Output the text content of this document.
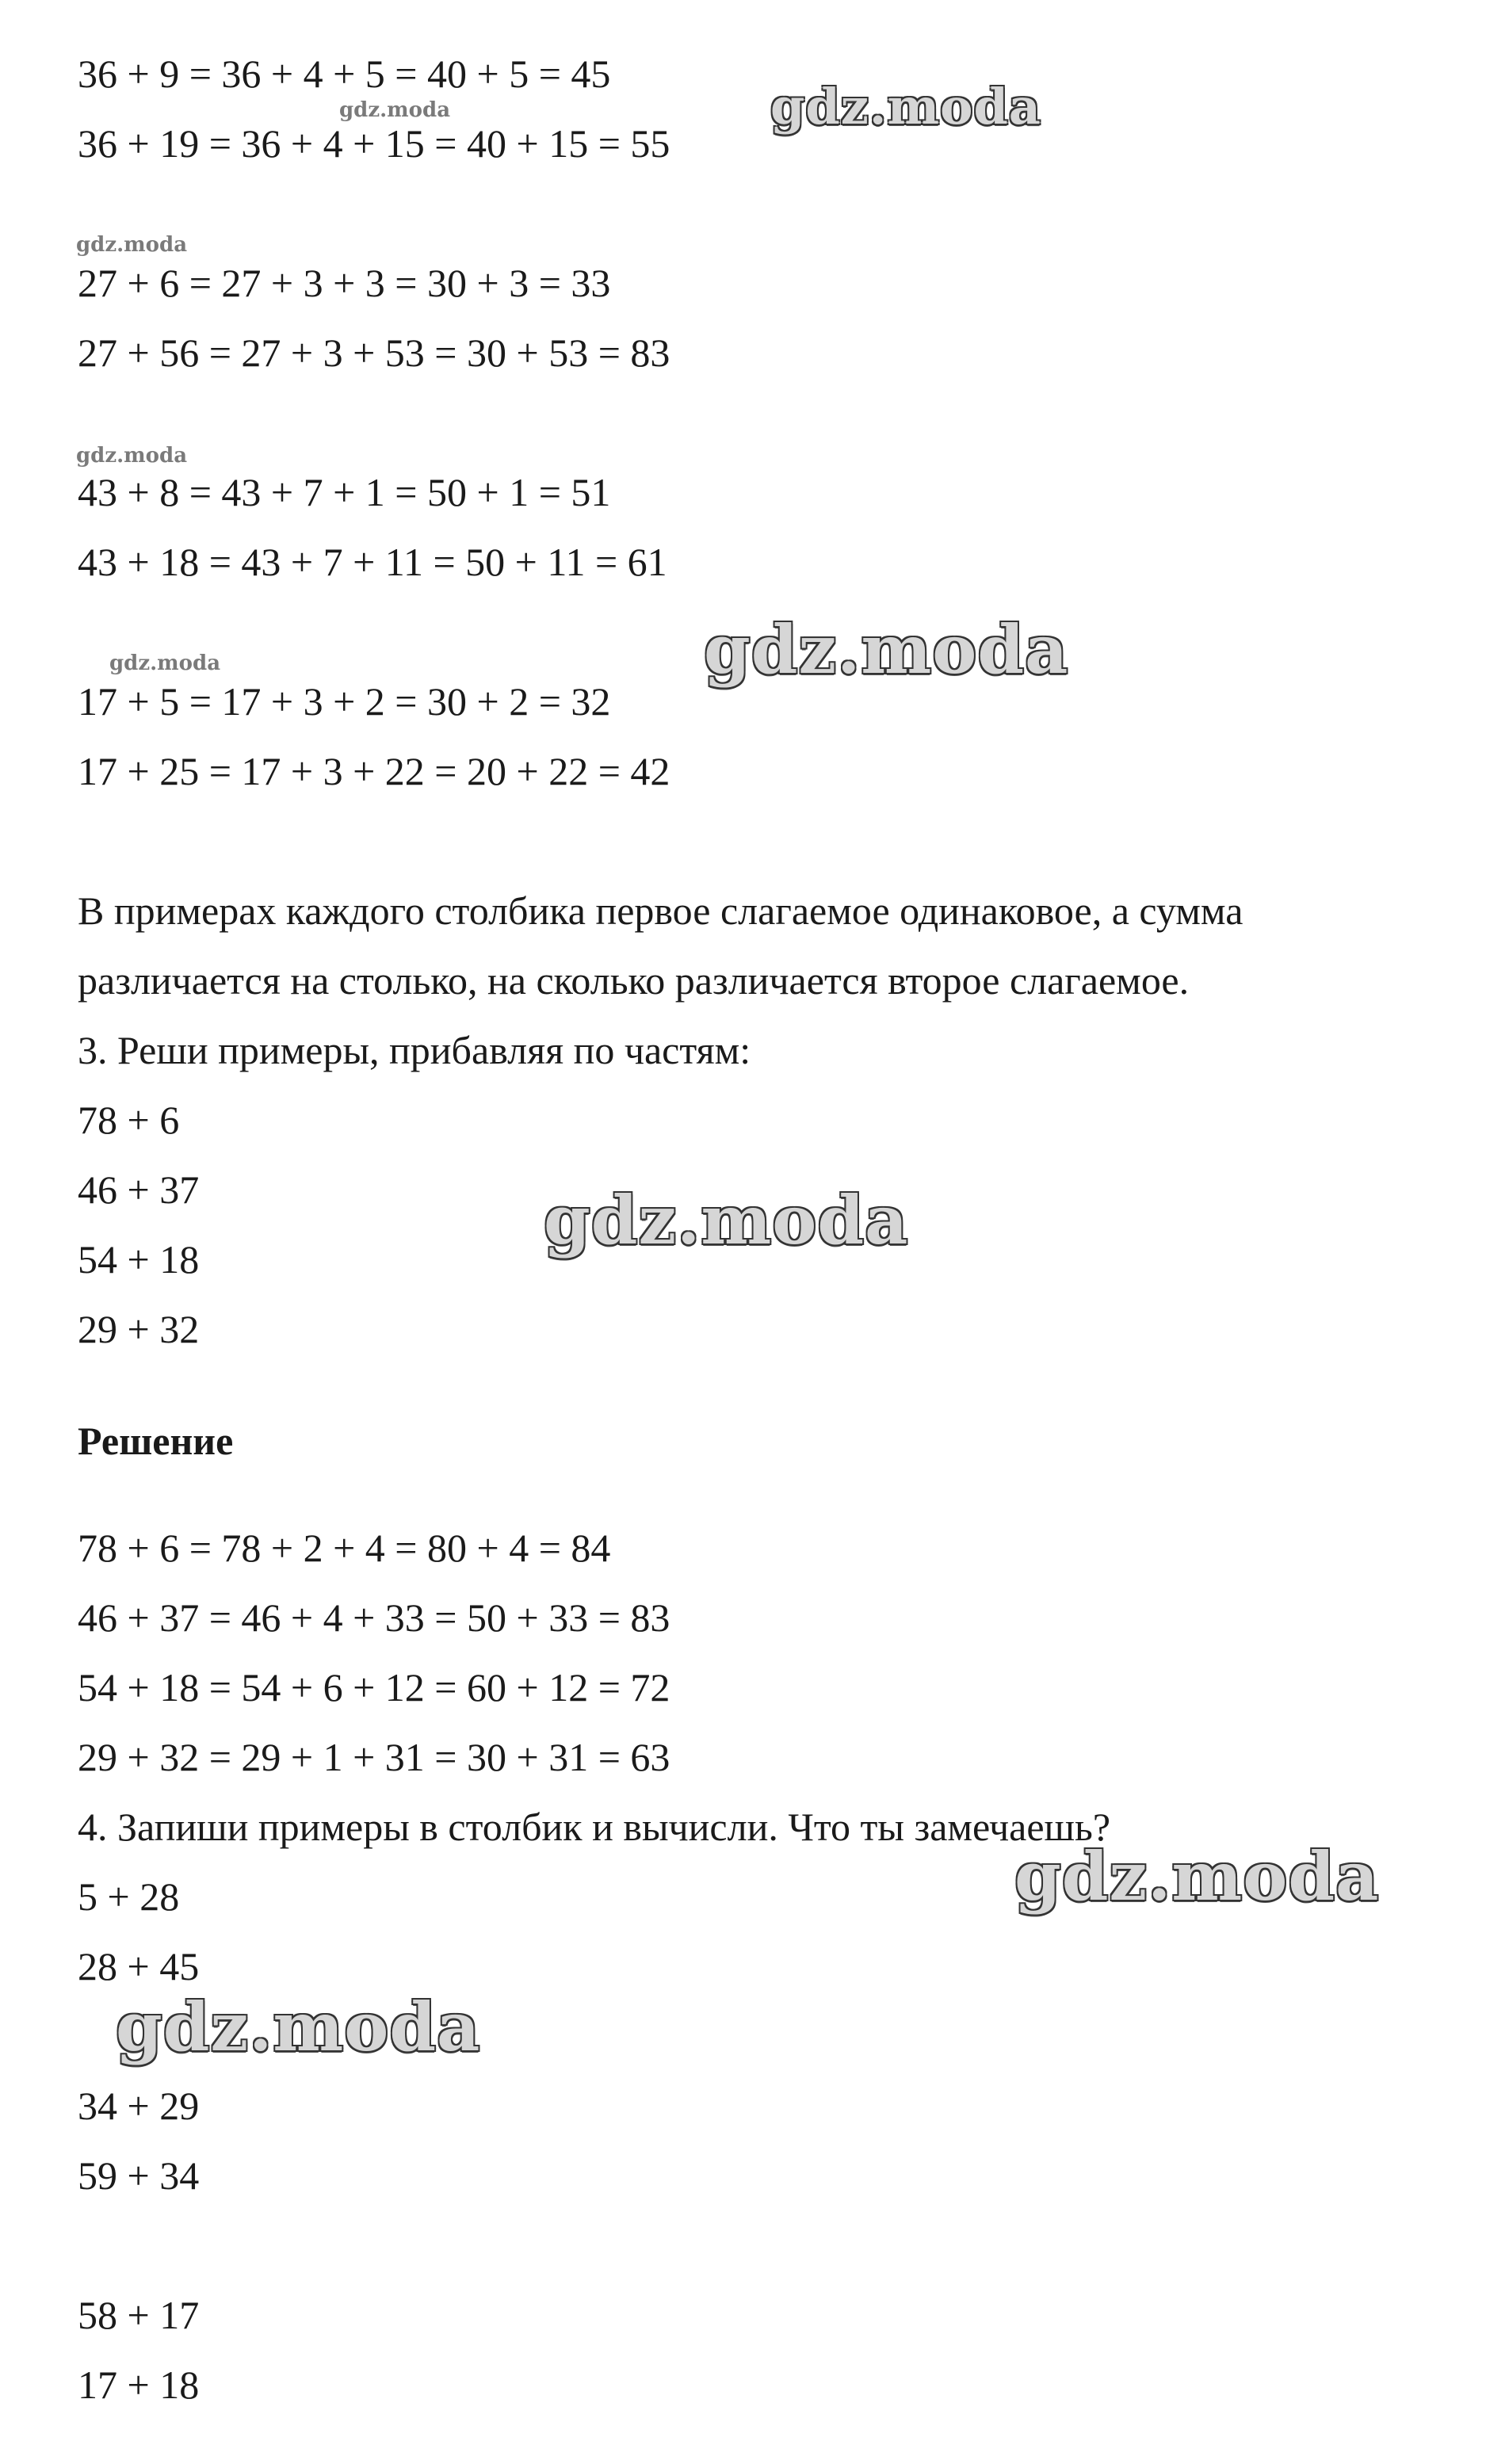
36 + 9 = 36 + 4 + 5 = 40 + 5 = 45
36 + 19 = 36 + 4 + 15 = 40 + 15 = 55
27 + 6 = 27 + 3 + 3 = 30 + 3 = 33
27 + 56 = 27 + 3 + 53 = 30 + 53 = 83
43 + 8 = 43 + 7 + 1 = 50 + 1 = 51
43 + 18 = 43 + 7 + 11 = 50 + 11 = 61
17 + 5 = 17 + 3 + 2 = 30 + 2 = 32
17 + 25 = 17 + 3 + 22 = 20 + 22 = 42
В примерах каждого столбика первое слагаемое одинаковое, а сумма
различается на столько, на сколько различается второе слагаемое.
3. Реши примеры, прибавляя по частям:
78 + 6
46 + 37
54 + 18
29 + 32
Решение
78 + 6 = 78 + 2 + 4 = 80 + 4 = 84
46 + 37 = 46 + 4 + 33 = 50 + 33 = 83
54 + 18 = 54 + 6 + 12 = 60 + 12 = 72
29 + 32 = 29 + 1 + 31 = 30 + 31 = 63
4. Запиши примеры в столбик и вычисли. Что ты замечаешь?
5 + 28
28 + 45
34 + 29
59 + 34
58 + 17
17 + 18
gdz.moda	gdz.moda
gdz.moda
gdz.moda
gdz.moda	gdz.moda
gdz.moda
gdz.moda
gdz.moda
